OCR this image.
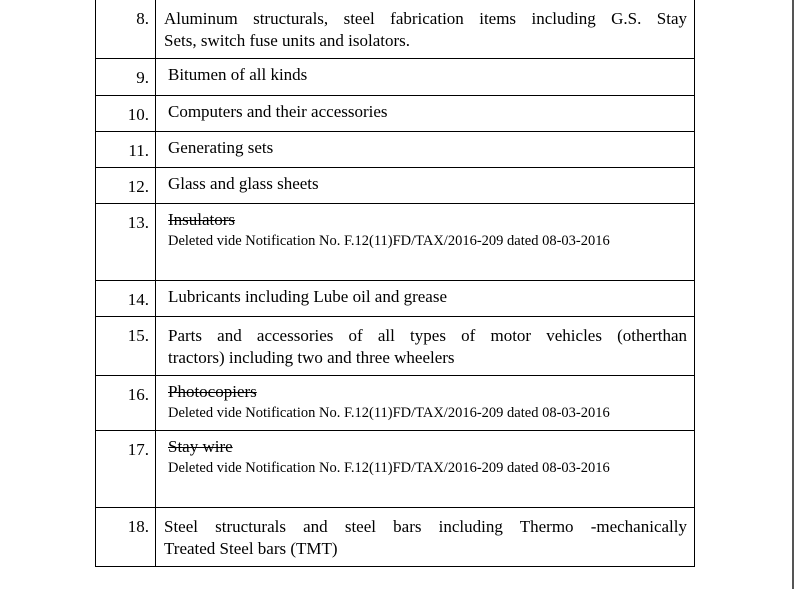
8.	Aluminum structurals, steel fabrication items including G.S. Stay
Sets, switch fuse units and isolators.
9.	Bitumen of all kinds
10.	Computers and their accessories
11.	Generating sets
12.	Glass and glass sheets
13.	Insulators
Deleted vide Notification No. F.12(11)FD/TAX/2016-209 dated 08-03-2016

14.	Lubricants including Lube oil and grease
15.	Parts and accessories of all types of motor vehicles (otherthan
tractors) including two and three wheelers
16.	Photocopiers
Deleted vide Notification No. F.12(11)FD/TAX/2016-209 dated 08-03-2016

17.	Stay wire
Deleted vide Notification No. F.12(11)FD/TAX/2016-209 dated 08-03-2016

18.	Steel structurals and steel bars including Thermo -mechanically
Treated Steel bars (TMT)
